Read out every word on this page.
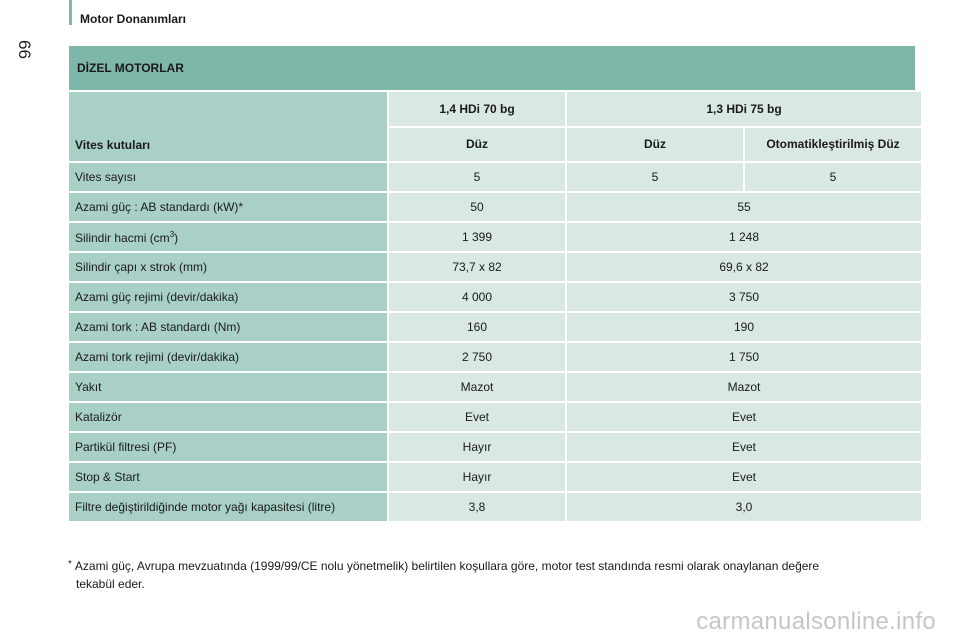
Motor Donanımları
66
DİZEL MOTORLAR
Vites kutuları	1,4 HDi 70 bg	1,3 HDi 75 bg	
	Düz	Düz	Otomatikleştirilmiş Düz
Vites sayısı	5	5	5
Azami güç : AB standardı (kW)*	50	55	
Silindir hacmi $(cm^3)$	1 399	1 248	
Silindir çapı x strok (mm)	73,7 x 82	69,6 x 82	
Azami güç rejimi (devir/dakika)	4 000	3 750	
Azami tork : AB standardı (Nm)	160	190	
Azami tork rejimi (devir/dakika)	2 750	1 750	
Yakıt	Mazot	Mazot	
Katalizör	Evet	Evet	
Partikül filtresi (PF)	Hayır	Evet	
Stop & Start	Hayır	Evet	
Filtre değiştirildiğinde motor yağı kapasitesi (litre)	3,8	3,0	
* Azami güç, Avrupa mevzuatında (1999/99/CE nolu yönetmelik) belirtilen koşullara göre, motor test standında resmi olarak onaylanan değere
tekabül eder.
carmanualsonline.info
